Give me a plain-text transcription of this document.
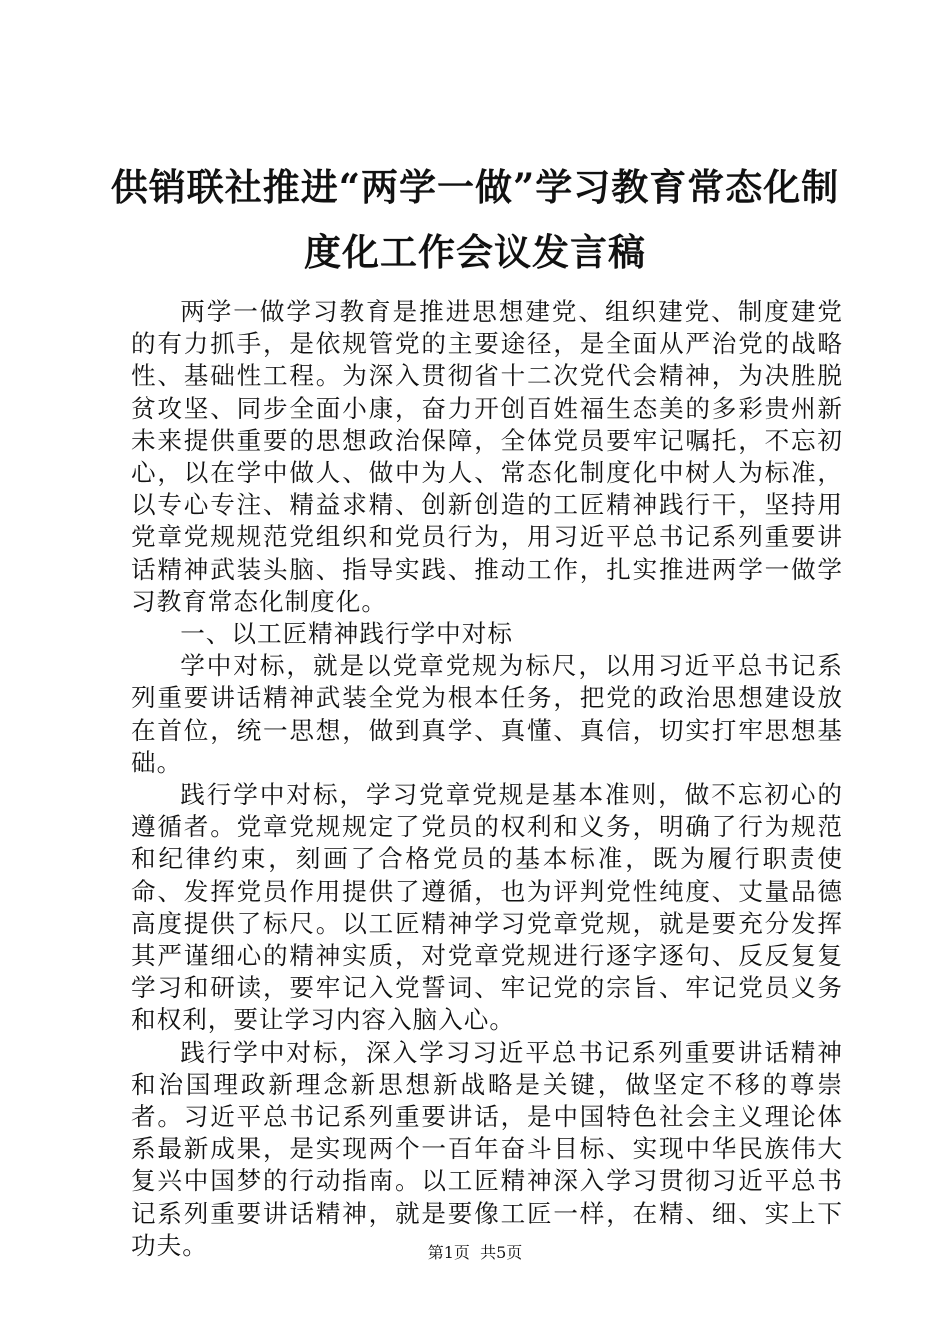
供销联社推进“两学一做”学习教育常态化制度化工作会议发言稿

两学一做学习教育是推进思想建党、组织建党、制度建党的有力抓手，是依规管党的主要途径，是全面从严治党的战略性、基础性工程。为深入贯彻省十二次党代会精神，为决胜脱贫攻坚、同步全面小康，奋力开创百姓福生态美的多彩贵州新未来提供重要的思想政治保障，全体党员要牢记嘱托，不忘初心，以在学中做人、做中为人、常态化制度化中树人为标准，以专心专注、精益求精、创新创造的工匠精神践行干，坚持用党章党规规范党组织和党员行为，用习近平总书记系列重要讲话精神武装头脑、指导实践、推动工作，扎实推进两学一做学习教育常态化制度化。

一、以工匠精神践行学中对标

学中对标，就是以党章党规为标尺，以用习近平总书记系列重要讲话精神武装全党为根本任务，把党的政治思想建设放在首位，统一思想，做到真学、真懂、真信，切实打牢思想基础。

践行学中对标，学习党章党规是基本准则，做不忘初心的遵循者。党章党规规定了党员的权利和义务，明确了行为规范和纪律约束，刻画了合格党员的基本标准，既为履行职责使命、发挥党员作用提供了遵循，也为评判党性纯度、丈量品德高度提供了标尺。以工匠精神学习党章党规，就是要充分发挥其严谨细心的精神实质，对党章党规进行逐字逐句、反反复复学习和研读，要牢记入党誓词、牢记党的宗旨、牢记党员义务和权利，要让学习内容入脑入心。

践行学中对标，深入学习习近平总书记系列重要讲话精神和治国理政新理念新思想新战略是关键，做坚定不移的尊崇者。习近平总书记系列重要讲话，是中国特色社会主义理论体系最新成果，是实现两个一百年奋斗目标、实现中华民族伟大复兴中国梦的行动指南。以工匠精神深入学习贯彻习近平总书记系列重要讲话精神，就是要像工匠一样，在精、细、实上下功夫。	第1页 共5页
